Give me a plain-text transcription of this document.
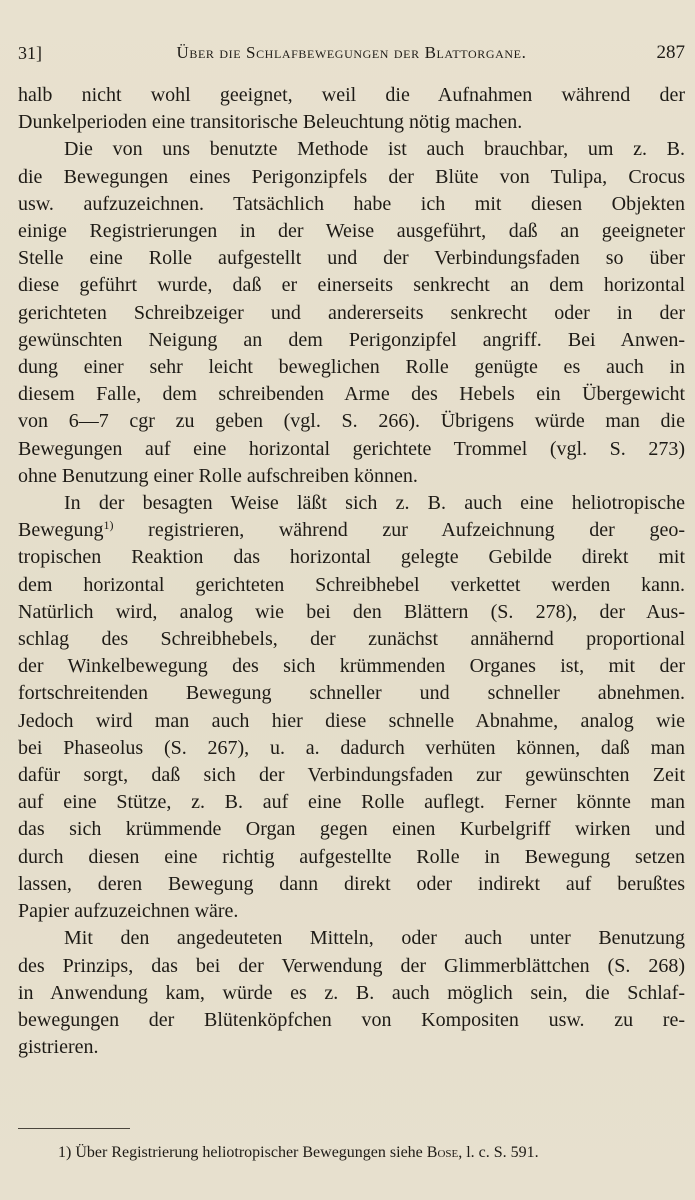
31]	Über die Schlafbewegungen der Blattorgane.	287
halb nicht wohl geeignet, weil die Aufnahmen während der
Dunkelperioden eine transitorische Beleuchtung nötig machen.
Die von uns benutzte Methode ist auch brauchbar, um z. B.
die Bewegungen eines Perigonzipfels der Blüte von Tulipa, Crocus
usw. aufzuzeichnen. Tatsächlich habe ich mit diesen Objekten
einige Registrierungen in der Weise ausgeführt, daß an geeigneter
Stelle eine Rolle aufgestellt und der Verbindungsfaden so über
diese geführt wurde, daß er einerseits senkrecht an dem horizontal
gerichteten Schreibzeiger und andererseits senkrecht oder in der
gewünschten Neigung an dem Perigonzipfel angriff. Bei Anwen-
dung einer sehr leicht beweglichen Rolle genügte es auch in
diesem Falle, dem schreibenden Arme des Hebels ein Übergewicht
von 6—7 cgr zu geben (vgl. S. 266). Übrigens würde man die
Bewegungen auf eine horizontal gerichtete Trommel (vgl. S. 273)
ohne Benutzung einer Rolle aufschreiben können.
In der besagten Weise läßt sich z. B. auch eine heliotropische
Bewegung$^{1)}$ registrieren, während zur Aufzeichnung der geo-
tropischen Reaktion das horizontal gelegte Gebilde direkt mit
dem horizontal gerichteten Schreibhebel verkettet werden kann.
Natürlich wird, analog wie bei den Blättern (S. 278), der Aus-
schlag des Schreibhebels, der zunächst annähernd proportional
der Winkelbewegung des sich krümmenden Organes ist, mit der
fortschreitenden Bewegung schneller und schneller abnehmen.
Jedoch wird man auch hier diese schnelle Abnahme, analog wie
bei Phaseolus (S. 267), u. a. dadurch verhüten können, daß man
dafür sorgt, daß sich der Verbindungsfaden zur gewünschten Zeit
auf eine Stütze, z. B. auf eine Rolle auflegt. Ferner könnte man
das sich krümmende Organ gegen einen Kurbelgriff wirken und
durch diesen eine richtig aufgestellte Rolle in Bewegung setzen
lassen, deren Bewegung dann direkt oder indirekt auf berußtes
Papier aufzuzeichnen wäre.
Mit den angedeuteten Mitteln, oder auch unter Benutzung
des Prinzips, das bei der Verwendung der Glimmerblättchen (S. 268)
in Anwendung kam, würde es z. B. auch möglich sein, die Schlaf-
bewegungen der Blütenköpfchen von Kompositen usw. zu re-
gistrieren.
1) Über Registrierung heliotropischer Bewegungen siehe Bose, l. c. S. 591.
